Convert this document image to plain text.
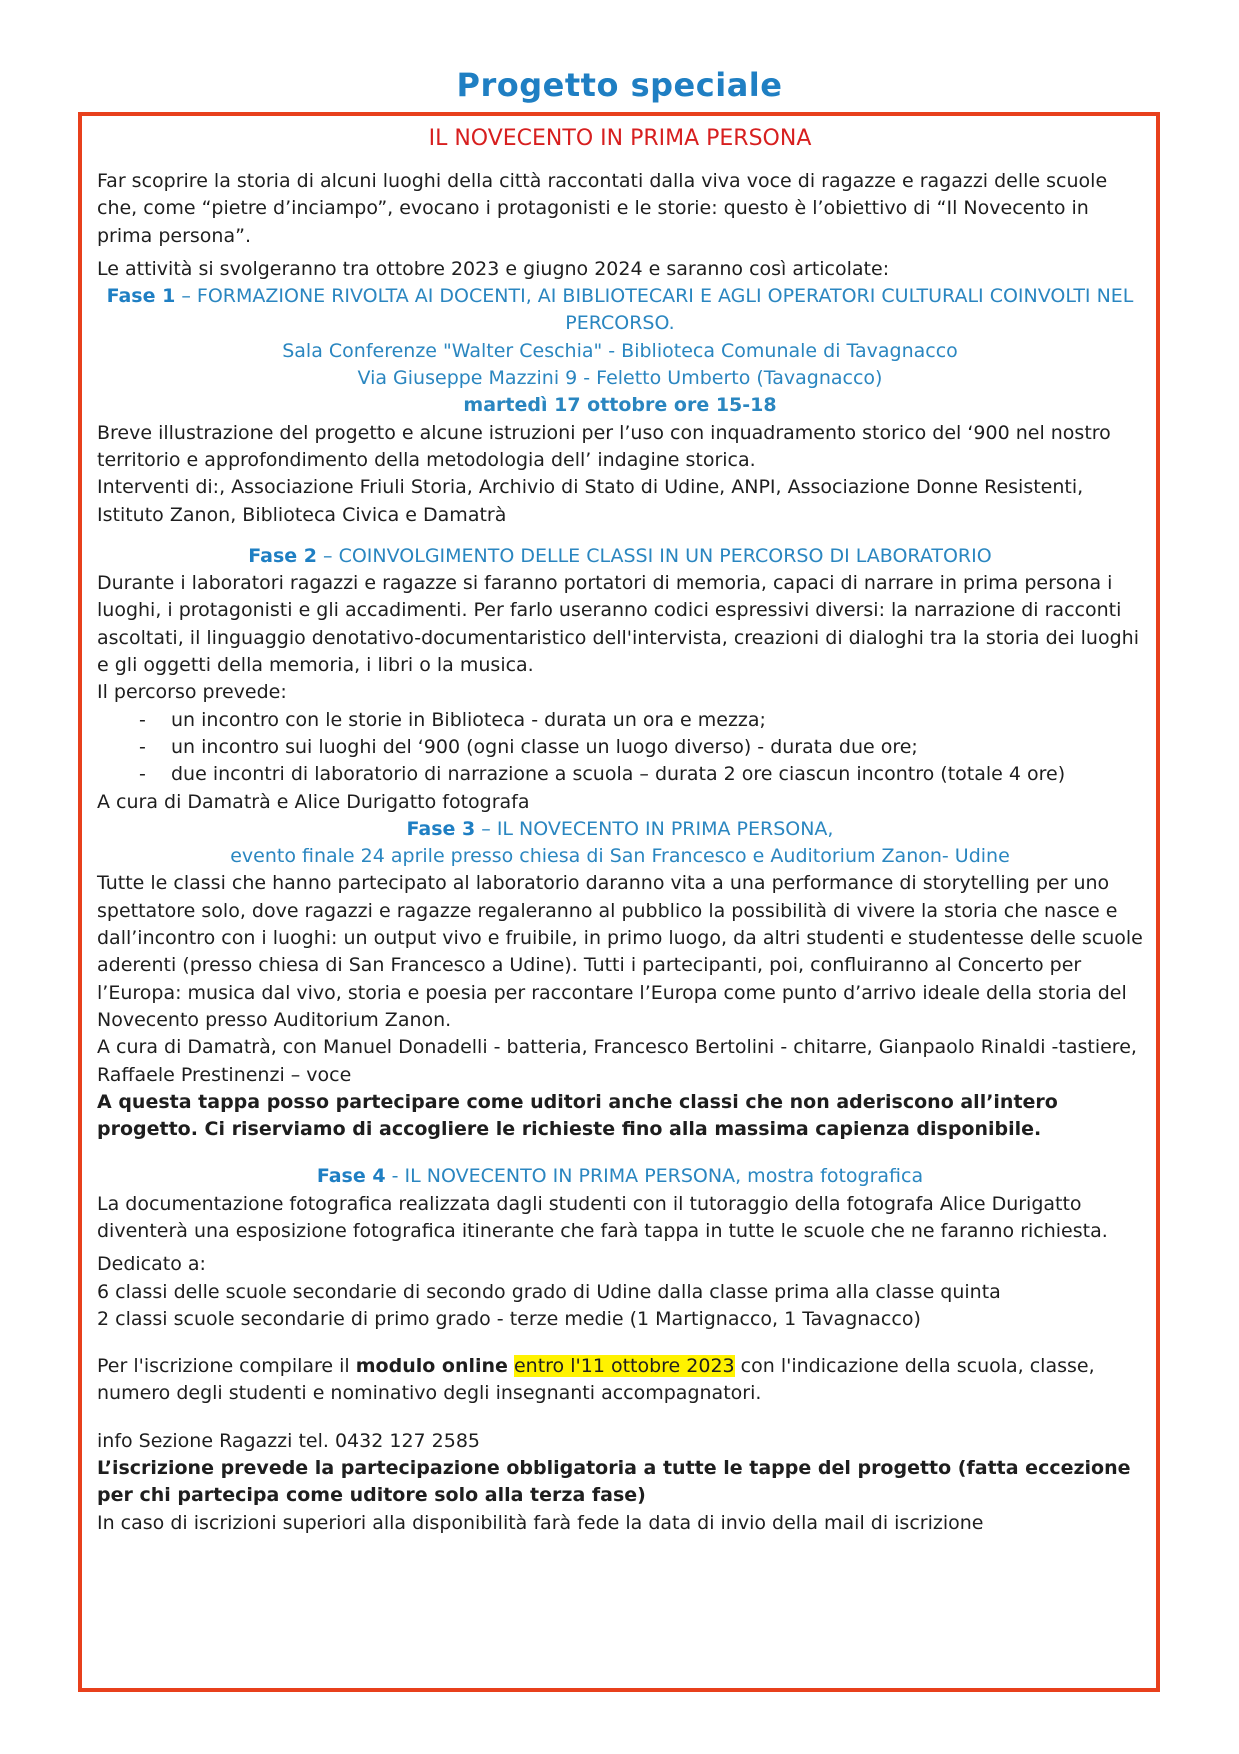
Progetto speciale

IL NOVECENTO IN PRIMA PERSONA

Far scoprire la storia di alcuni luoghi della città raccontati dalla viva voce di ragazze e ragazzi delle scuole che, come “pietre d’inciampo”, evocano i protagonisti e le storie: questo è l’obiettivo di “Il Novecento in prima persona”.

Le attività si svolgeranno tra ottobre 2023 e giugno 2024 e saranno così articolate:

Fase 1 – FORMAZIONE RIVOLTA AI DOCENTI, AI BIBLIOTECARI E AGLI OPERATORI CULTURALI COINVOLTI NEL PERCORSO.

Sala Conferenze "Walter Ceschia" - Biblioteca Comunale di Tavagnacco

Via Giuseppe Mazzini 9 - Feletto Umberto (Tavagnacco)

martedì 17 ottobre ore 15-18

Breve illustrazione del progetto e alcune istruzioni per l’uso con inquadramento storico del ‘900 nel nostro territorio e approfondimento della metodologia dell’ indagine storica.

Interventi di:, Associazione Friuli Storia, Archivio di Stato di Udine, ANPI, Associazione Donne Resistenti, Istituto Zanon, Biblioteca Civica e Damatrà

Fase 2 – COINVOLGIMENTO DELLE CLASSI IN UN PERCORSO DI LABORATORIO

Durante i laboratori ragazzi e ragazze si faranno portatori di memoria, capaci di narrare in prima persona i luoghi, i protagonisti e gli accadimenti. Per farlo useranno codici espressivi diversi: la narrazione di racconti ascoltati, il linguaggio denotativo-documentaristico dell'intervista, creazioni di dialoghi tra la storia dei luoghi e gli oggetti della memoria, i libri o la musica.

Il percorso prevede:

- un incontro con le storie in Biblioteca - durata un ora e mezza;
- un incontro sui luoghi del ‘900 (ogni classe un luogo diverso) - durata due ore;
- due incontri di laboratorio di narrazione a scuola – durata 2 ore ciascun incontro (totale 4 ore)

A cura di Damatrà e Alice Durigatto fotografa

Fase 3 – IL NOVECENTO IN PRIMA PERSONA,

evento finale 24 aprile presso chiesa di San Francesco e Auditorium Zanon- Udine

Tutte le classi che hanno partecipato al laboratorio daranno vita a una performance di storytelling per uno spettatore solo, dove ragazzi e ragazze regaleranno al pubblico la possibilità di vivere la storia che nasce e dall’incontro con i luoghi: un output vivo e fruibile, in primo luogo, da altri studenti e studentesse delle scuole aderenti (presso chiesa di San Francesco a Udine). Tutti i partecipanti, poi, confluiranno al Concerto per l’Europa: musica dal vivo, storia e poesia per raccontare l’Europa come punto d’arrivo ideale della storia del Novecento presso Auditorium Zanon.

A cura di Damatrà, con Manuel Donadelli - batteria, Francesco Bertolini - chitarre, Gianpaolo Rinaldi -tastiere, Raffaele Prestinenzi – voce

A questa tappa posso partecipare come uditori anche classi che non aderiscono all’intero progetto. Ci riserviamo di accogliere le richieste fino alla massima capienza disponibile.

Fase 4 - IL NOVECENTO IN PRIMA PERSONA, mostra fotografica

La documentazione fotografica realizzata dagli studenti con il tutoraggio della fotografa Alice Durigatto diventerà una esposizione fotografica itinerante che farà tappa in tutte le scuole che ne faranno richiesta.

Dedicato a:

6 classi delle scuole secondarie di secondo grado di Udine dalla classe prima alla classe quinta

2 classi scuole secondarie di primo grado - terze medie (1 Martignacco, 1 Tavagnacco)

Per l'iscrizione compilare il modulo online entro l'11 ottobre 2023 con l'indicazione della scuola, classe, numero degli studenti e nominativo degli insegnanti accompagnatori.

info Sezione Ragazzi tel. 0432 127 2585

L’iscrizione prevede la partecipazione obbligatoria a tutte le tappe del progetto (fatta eccezione per chi partecipa come uditore solo alla terza fase)

In caso di iscrizioni superiori alla disponibilità farà fede la data di invio della mail di iscrizione
